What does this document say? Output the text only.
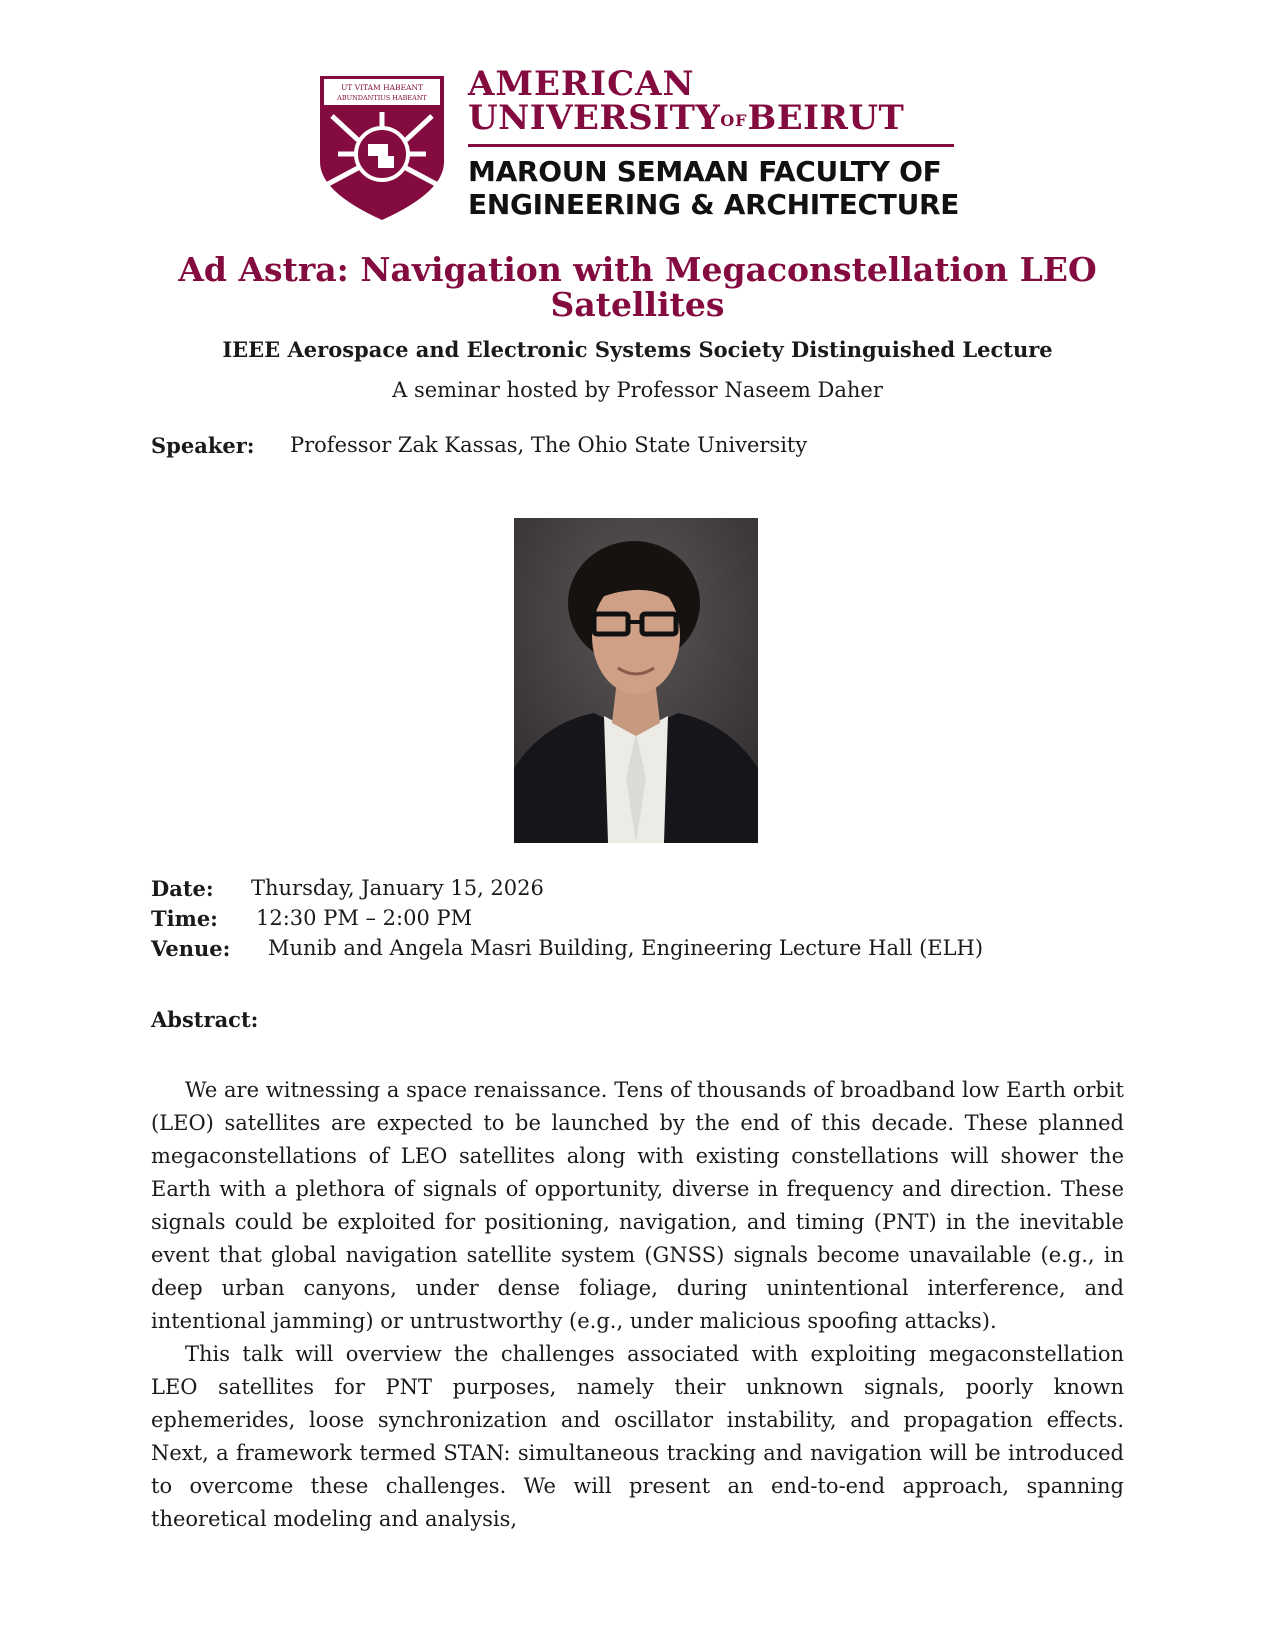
UT VITAM HABEANT
ABUNDANTIUS HABEANT AMERICAN
UNIVERSITYOFBEIRUT
MAROUN SEMAAN FACULTY OF
ENGINEERING & ARCHITECTURE
Ad Astra: Navigation with Megaconstellation LEO
Satellites
IEEE Aerospace and Electronic Systems Society Distinguished Lecture
A seminar hosted by Professor Naseem Daher
Speaker: Professor Zak Kassas, The Ohio State University
Date: Thursday, January 15, 2026
Time: 12:30 PM – 2:00 PM
Venue: Munib and Angela Masri Building, Engineering Lecture Hall (ELH)
Abstract:

We are witnessing a space renaissance. Tens of thousands of broadband low Earth orbit (LEO) satellites are expected to be launched by the end of this decade. These planned megaconstellations of LEO satellites along with existing constellations will shower the Earth with a plethora of signals of opportunity, diverse in frequency and direction. These signals could be exploited for positioning, navigation, and timing (PNT) in the inevitable event that global navigation satellite system (GNSS) signals become unavailable (e.g., in deep urban canyons, under dense foliage, during unintentional interference, and intentional jamming) or untrustworthy (e.g., under malicious spoofing attacks).

This talk will overview the challenges associated with exploiting megaconstellation LEO satellites for PNT purposes, namely their unknown signals, poorly known ephemerides, loose synchronization and oscillator instability, and propagation effects. Next, a framework termed STAN: simultaneous tracking and navigation will be introduced to overcome these challenges. We will present an end-to-end approach, spanning theoretical modeling and analysis,
